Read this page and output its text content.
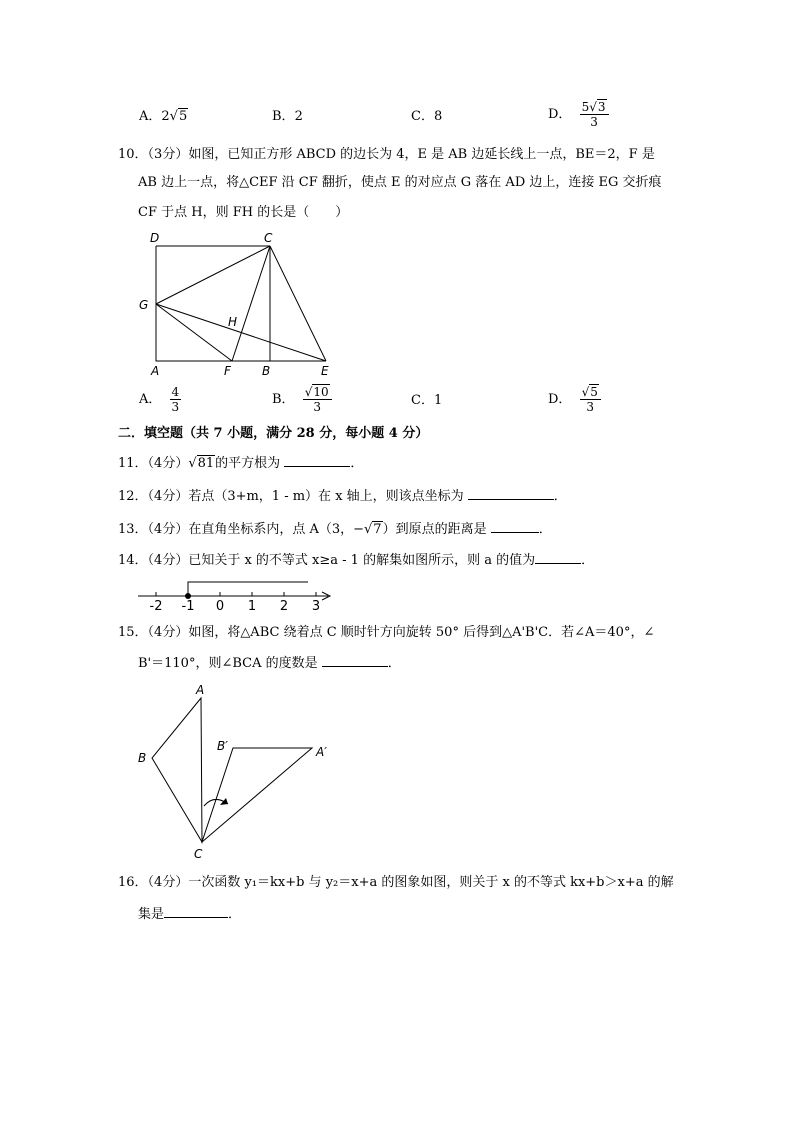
A．2√5	B．2	C．8	D． $\frac{5√3}{3}$
10．（3分）如图，已知正方形 ABCD 的边长为 4，E 是 AB 边延长线上一点，BE＝2，F 是
AB 边上一点，将△CEF 沿 CF 翻折，使点 E 的对应点 G 落在 AD 边上，连接 EG 交折痕
CF 于点 H，则 FH 的长是（　　）
D	C
G
H
A	F	B	E
A． $\frac{4}{3}$	B． $\frac{√10}{3}$	C．1	D． $\frac{√5}{3}$
二．填空题（共 7 小题，满分 28 分，每小题 4 分）
11．（4分）√81的平方根为	．
12．（4分）若点（3+m，1 - m）在 x 轴上，则该点坐标为	．
13．（4分）在直角坐标系内，点 A（3，−√7）到原点的距离是	．
14．（4分）已知关于 x 的不等式 x≥a - 1 的解集如图所示，则 a 的值为	．
-2 -1 0 1 2 3
15．（4分）如图，将△ABC 绕着点 C 顺时针方向旋转 50° 后得到△A'B'C．若∠A＝40°，∠
B'＝110°，则∠BCA 的度数是	．
A
B
B′	A′
C
16．（4分）一次函数 y₁＝kx+b 与 y₂＝x+a 的图象如图，则关于 x 的不等式 kx+b＞x+a 的解
集是	．
